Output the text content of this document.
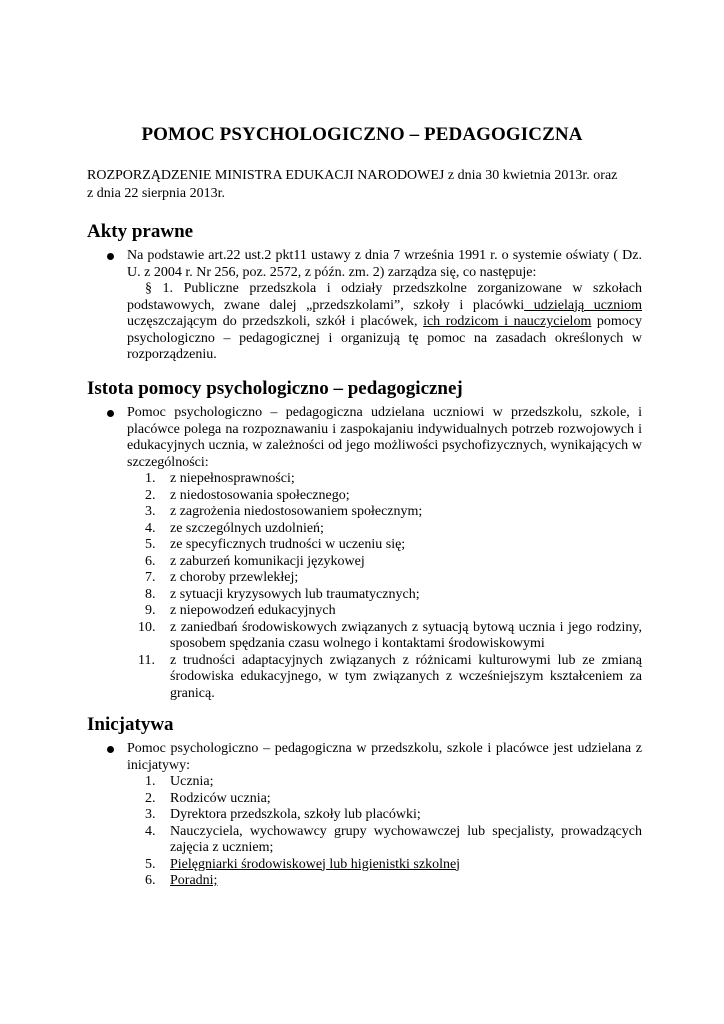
POMOC PSYCHOLOGICZNO – PEDAGOGICZNA
ROZPORZĄDZENIE MINISTRA EDUKACJI NARODOWEJ z dnia 30 kwietnia 2013r. oraz
z dnia 22 sierpnia 2013r.
Akty prawne
Na podstawie art.22 ust.2 pkt11 ustawy z dnia 7 września 1991 r. o systemie oświaty ( Dz. U. z 2004 r. Nr 256, poz. 2572, z późn. zm. 2) zarządza się, co następuje:
§ 1. Publiczne przedszkola i odziały przedszkolne zorganizowane w szkołach podstawowych, zwane dalej „przedszkolami”, szkoły i placówki udzielają uczniom uczęszczającym do przedszkoli, szkół i placówek, ich rodzicom i nauczycielom pomocy psychologiczno – pedagogicznej i organizują tę pomoc na zasadach określonych w rozporządzeniu.
Istota pomocy psychologiczno – pedagogicznej
Pomoc psychologiczno – pedagogiczna udzielana uczniowi w przedszkolu, szkole, i placówce polega na rozpoznawaniu i zaspokajaniu indywidualnych potrzeb rozwojowych i edukacyjnych ucznia, w zależności od jego możliwości psychofizycznych, wynikających w szczególności:
1. z niepełnosprawności;
2. z niedostosowania społecznego;
3. z zagrożenia niedostosowaniem społecznym;
4. ze szczególnych uzdolnień;
5. ze specyficznych trudności w uczeniu się;
6. z zaburzeń komunikacji językowej
7. z choroby przewlekłej;
8. z sytuacji kryzysowych lub traumatycznych;
9. z niepowodzeń edukacyjnych
10. z zaniedbań środowiskowych związanych z sytuacją bytową ucznia i jego rodziny, sposobem spędzania czasu wolnego i kontaktami środowiskowymi
11. z trudności adaptacyjnych związanych z różnicami kulturowymi lub ze zmianą środowiska edukacyjnego, w tym związanych z wcześniejszym kształceniem za granicą.
Inicjatywa
Pomoc psychologiczno – pedagogiczna w przedszkolu, szkole i placówce jest udzielana z inicjatywy:
1. Ucznia;
2. Rodziców ucznia;
3. Dyrektora przedszkola, szkoły lub placówki;
4. Nauczyciela, wychowawcy grupy wychowawczej lub specjalisty, prowadzących zajęcia z uczniem;
5. Pielęgniarki środowiskowej lub higienistki szkolnej
6. Poradni;
